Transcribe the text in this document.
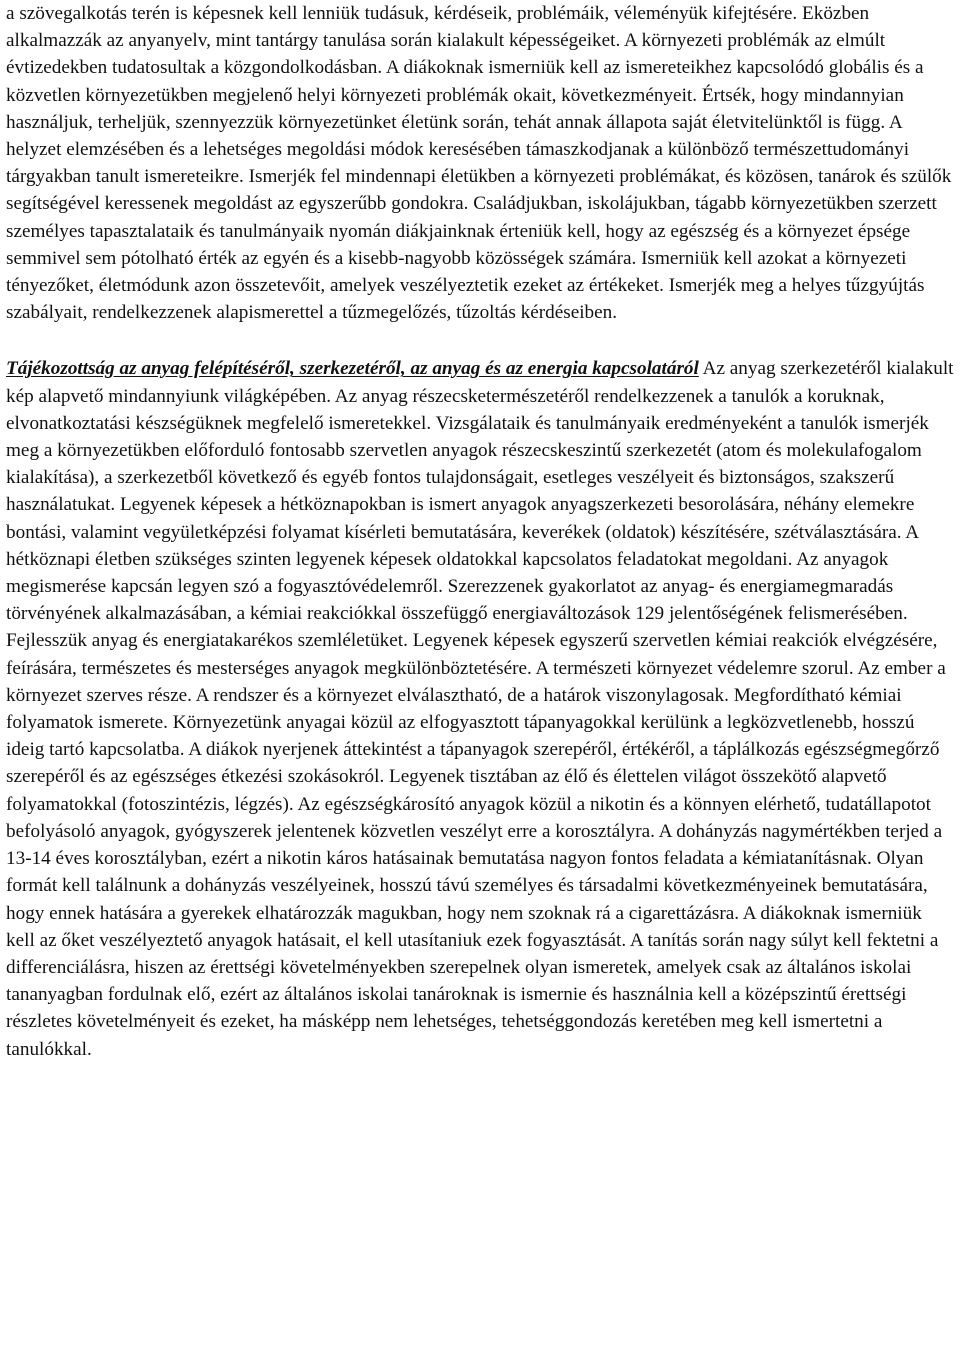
a szövegalkotás terén is képesnek kell lenniük tudásuk, kérdéseik, problémáik, véleményük kifejtésére. Eközben alkalmazzák az anyanyelv, mint tantárgy tanulása során kialakult képességeiket. A környezeti problémák az elmúlt évtizedekben tudatosultak a közgondolkodásban. A diákoknak ismerniük kell az ismereteikhez kapcsolódó globális és a közvetlen környezetükben megjelenő helyi környezeti problémák okait, következményeit. Értsék, hogy mindannyian használjuk, terheljük, szennyezzük környezetünket életünk során, tehát annak állapota saját életvitelünktől is függ. A helyzet elemzésében és a lehetséges megoldási módok keresésében támaszkodjanak a különböző természettudományi tárgyakban tanult ismereteikre. Ismerjék fel mindennapi életükben a környezeti problémákat, és közösen, tanárok és szülők segítségével keressenek megoldást az egyszerűbb gondokra. Családjukban, iskolájukban, tágabb környezetükben szerzett személyes tapasztalataik és tanulmányaik nyomán diákjainknak érteniük kell, hogy az egészség és a környezet épsége semmivel sem pótolható érték az egyén és a kisebb-nagyobb közösségek számára. Ismerniük kell azokat a környezeti tényezőket, életmódunk azon összetevőit, amelyek veszélyeztetik ezeket az értékeket. Ismerjék meg a helyes tűzgyújtás szabályait, rendelkezzenek alapismerettel a tűzmegelőzés, tűzoltás kérdéseiben.

Tájékozottság az anyag felépítéséről, szerkezetéről, az anyag és az energia kapcsolatáról Az anyag szerkezetéről kialakult kép alapvető mindannyiunk világképében. Az anyag részecsketermészetéről rendelkezzenek a tanulók a koruknak, elvonatkoztatási készségüknek megfelelő ismeretekkel. Vizsgálataik és tanulmányaik eredményeként a tanulók ismerjék meg a környezetükben előforduló fontosabb szervetlen anyagok részecskeszintű szerkezetét (atom és molekulafogalom kialakítása), a szerkezetből következő és egyéb fontos tulajdonságait, esetleges veszélyeit és biztonságos, szakszerű használatukat. Legyenek képesek a hétköznapokban is ismert anyagok anyagszerkezeti besorolására, néhány elemekre bontási, valamint vegyületképzési folyamat kísérleti bemutatására, keverékek (oldatok) készítésére, szétválasztására. A hétköznapi életben szükséges szinten legyenek képesek oldatokkal kapcsolatos feladatokat megoldani. Az anyagok megismerése kapcsán legyen szó a fogyasztóvédelemről. Szerezzenek gyakorlatot az anyag- és energiamegmaradás törvényének alkalmazásában, a kémiai reakciókkal összefüggő energiaváltozások 129 jelentőségének felismerésében. Fejlesszük anyag és energiatakarékos szemléletüket. Legyenek képesek egyszerű szervetlen kémiai reakciók elvégzésére, feírására, természetes és mesterséges anyagok megkülönböztetésére. A természeti környezet védelemre szorul. Az ember a környezet szerves része. A rendszer és a környezet elválasztható, de a határok viszonylagosak. Megfordítható kémiai folyamatok ismerete. Környezetünk anyagai közül az elfogyasztott tápanyagokkal kerülünk a legközvetlenebb, hosszú ideig tartó kapcsolatba. A diákok nyerjenek áttekintést a tápanyagok szerepéről, értékéről, a táplálkozás egészségmegőrző szerepéről és az egészséges étkezési szokásokról. Legyenek tisztában az élő és élettelen világot összekötő alapvető folyamatokkal (fotoszintézis, légzés). Az egészségkárosító anyagok közül a nikotin és a könnyen elérhető, tudatállapotot befolyásoló anyagok, gyógyszerek jelentenek közvetlen veszélyt erre a korosztályra. A dohányzás nagymértékben terjed a 13-14 éves korosztályban, ezért a nikotin káros hatásainak bemutatása nagyon fontos feladata a kémiatanításnak. Olyan formát kell találnunk a dohányzás veszélyeinek, hosszú távú személyes és társadalmi következményeinek bemutatására, hogy ennek hatására a gyerekek elhatározzák magukban, hogy nem szoknak rá a cigarettázásra. A diákoknak ismerniük kell az őket veszélyeztető anyagok hatásait, el kell utasítaniuk ezek fogyasztását. A tanítás során nagy súlyt kell fektetni a differenciálásra, hiszen az érettségi követelményekben szerepelnek olyan ismeretek, amelyek csak az általános iskolai tananyagban fordulnak elő, ezért az általános iskolai tanároknak is ismernie és használnia kell a középszintű érettségi részletes követelményeit és ezeket, ha másképp nem lehetséges, tehetséggondozás keretében meg kell ismertetni a tanulókkal.
